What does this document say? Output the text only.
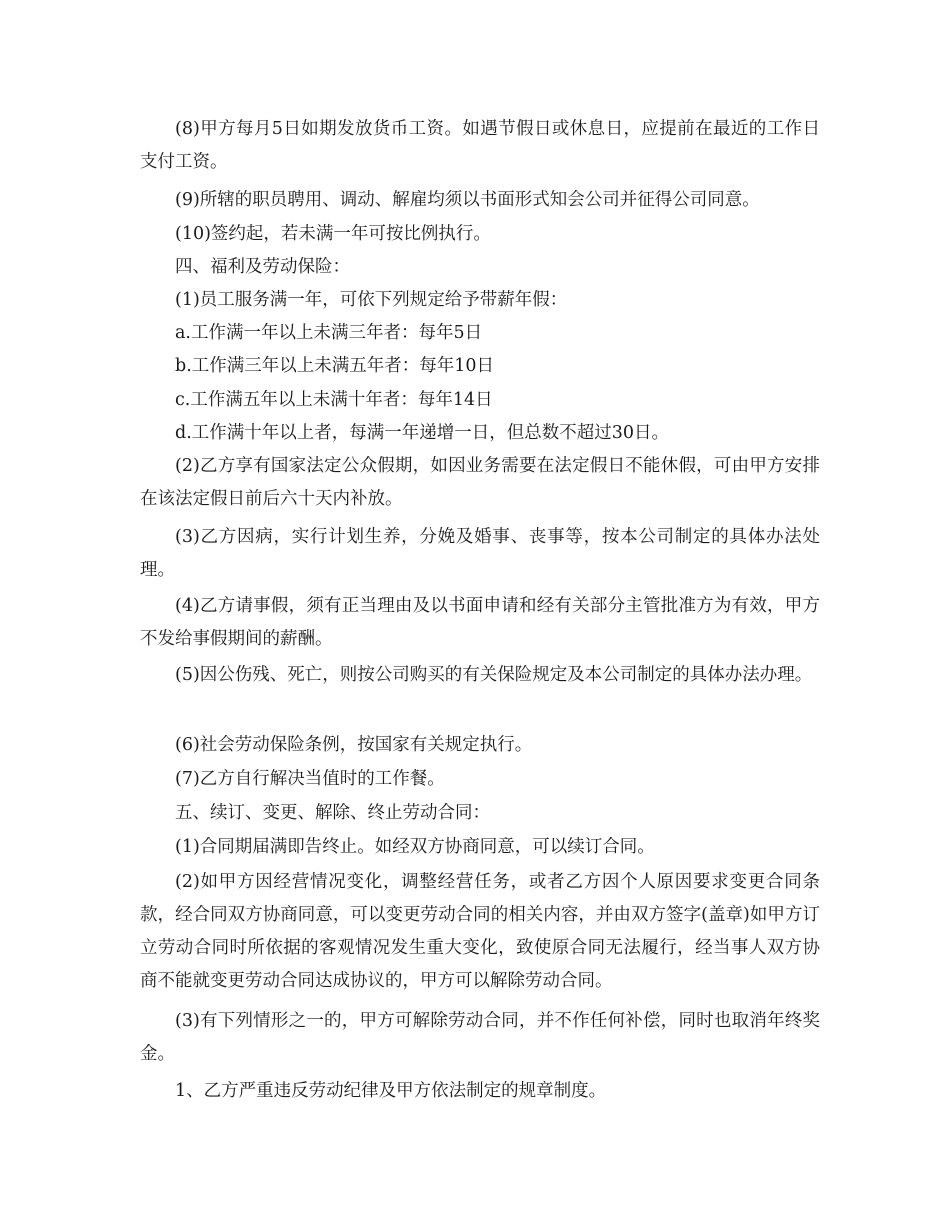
(8)甲方每月5日如期发放货币工资。如遇节假日或休息日，应提前在最近的工作日支付工资。

(9)所辖的职员聘用、调动、解雇均须以书面形式知会公司并征得公司同意。

(10)签约起，若未满一年可按比例执行。

四、福利及劳动保险：

(1)员工服务满一年，可依下列规定给予带薪年假：

a.工作满一年以上未满三年者：每年5日

b.工作满三年以上未满五年者：每年10日

c.工作满五年以上未满十年者：每年14日

d.工作满十年以上者，每满一年递增一日，但总数不超过30日。

(2)乙方享有国家法定公众假期，如因业务需要在法定假日不能休假，可由甲方安排在该法定假日前后六十天内补放。

(3)乙方因病，实行计划生养，分娩及婚事、丧事等，按本公司制定的具体办法处理。

(4)乙方请事假，须有正当理由及以书面申请和经有关部分主管批准方为有效，甲方不发给事假期间的薪酬。

(5)因公伤残、死亡，则按公司购买的有关保险规定及本公司制定的具体办法办理。

(6)社会劳动保险条例，按国家有关规定执行。

(7)乙方自行解决当值时的工作餐。

五、续订、变更、解除、终止劳动合同：

(1)合同期届满即告终止。如经双方协商同意，可以续订合同。

(2)如甲方因经营情况变化，调整经营任务，或者乙方因个人原因要求变更合同条款，经合同双方协商同意，可以变更劳动合同的相关内容，并由双方签字(盖章)如甲方订立劳动合同时所依据的客观情况发生重大变化，致使原合同无法履行，经当事人双方协商不能就变更劳动合同达成协议的，甲方可以解除劳动合同。

(3)有下列情形之一的，甲方可解除劳动合同，并不作任何补偿，同时也取消年终奖金。

1、乙方严重违反劳动纪律及甲方依法制定的规章制度。
